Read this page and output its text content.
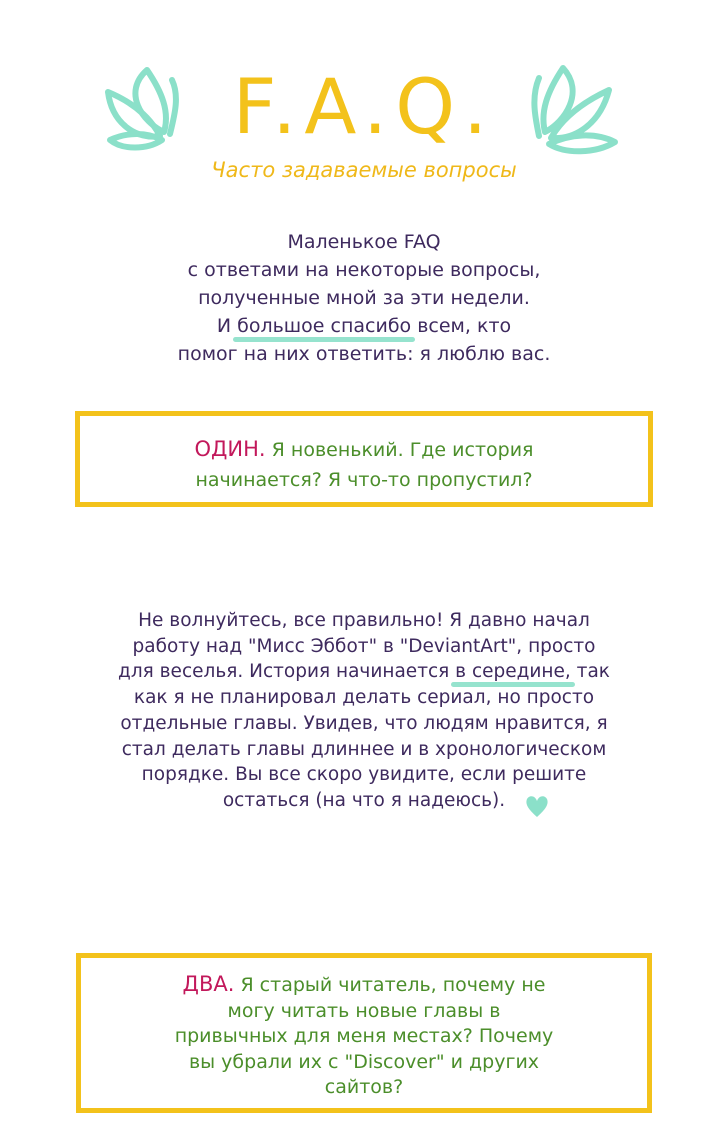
F.A.Q.
Часто задаваемые вопросы
Маленькое FAQ
с ответами на некоторые вопросы,
полученные мной за эти недели.
И большое спасибо
всем, кто
помог на них ответить: я люблю вас.
ОДИН. Я новенький. Где история
начинается? Я что-то пропустил?
Не волнуйтесь, все правильно! Я давно начал
работу над "Мисс Эббот" в "DeviantArt", просто
для веселья. История начинается в середине,
так
как я не планировал делать сериал, но просто
отдельные главы. Увидев, что людям нравится, я
стал делать главы длиннее и в хронологическом
порядке. Вы все скоро увидите, если решите
остаться (на что я надеюсь).
ДВА. Я старый читатель, почему не
могу читать новые главы в
привычных для меня местах? Почему
вы убрали их с "Discover" и других
сайтов?
